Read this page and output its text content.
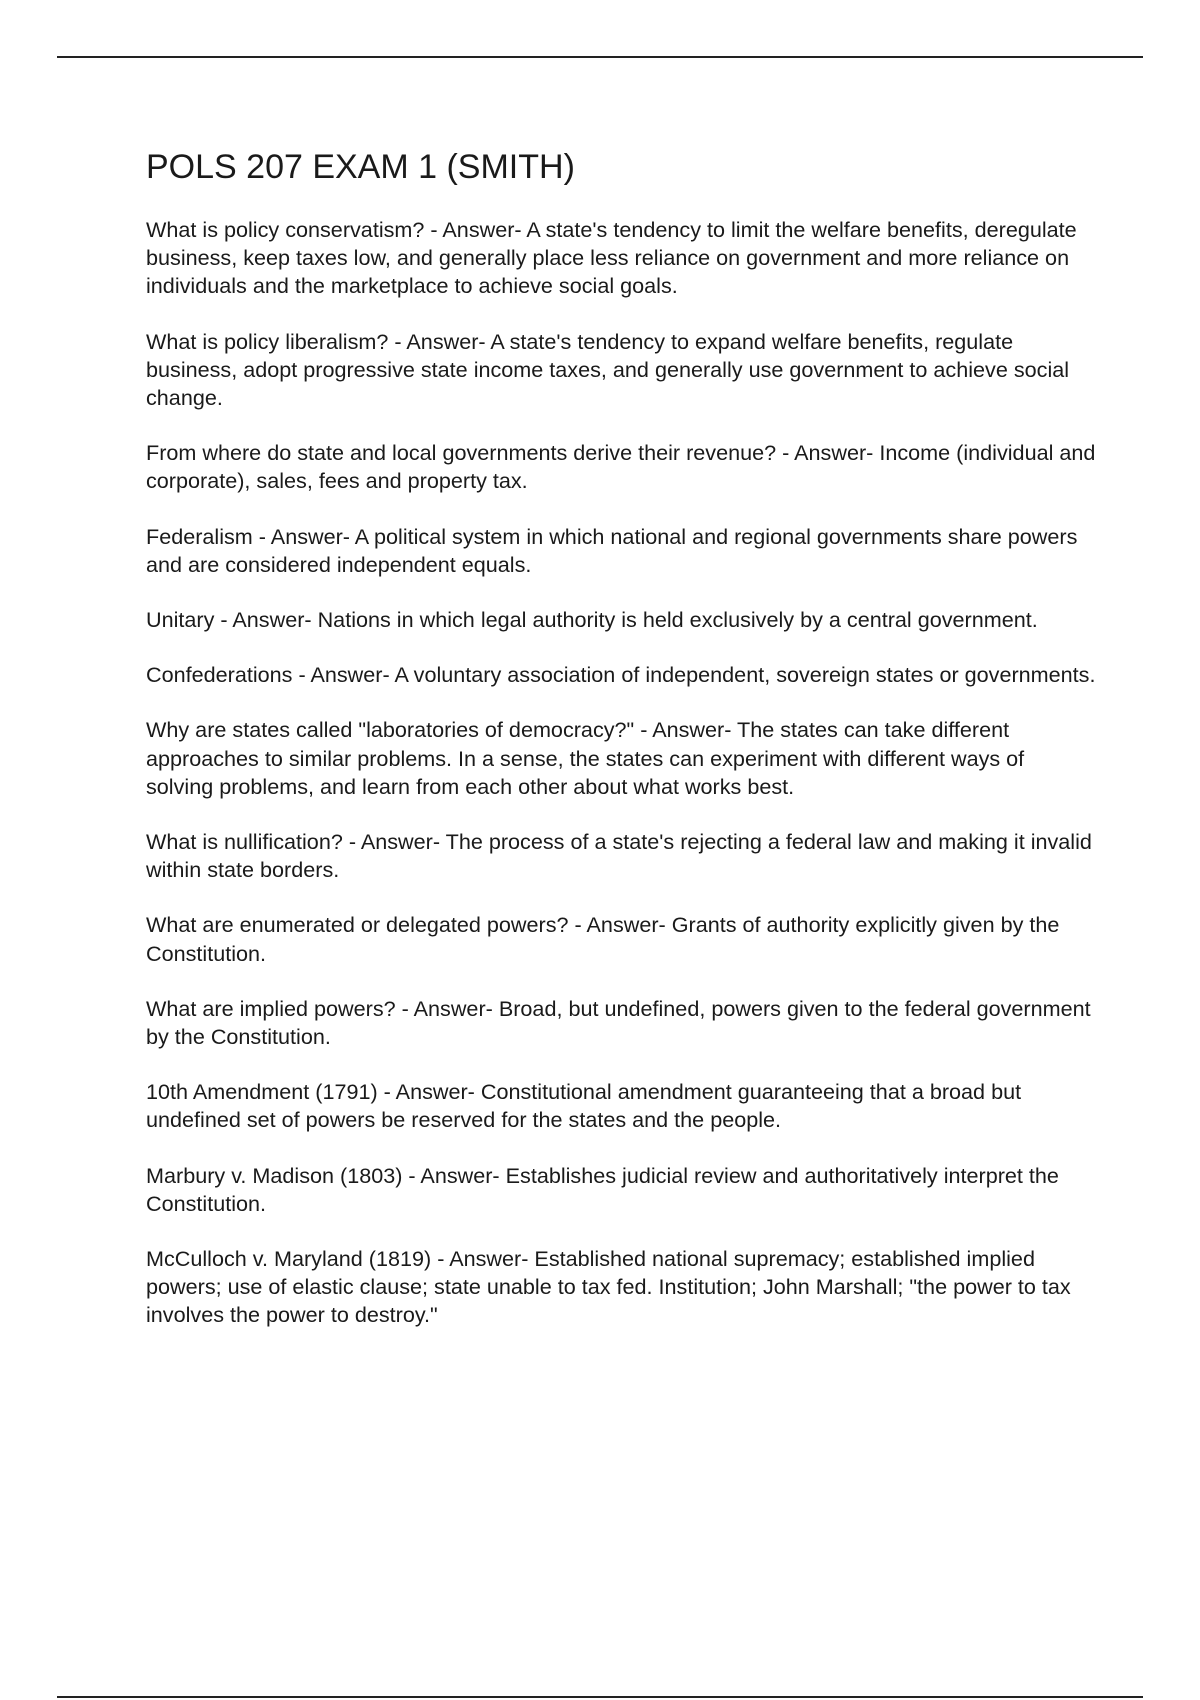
POLS 207 EXAM 1 (SMITH)

What is policy conservatism? - Answer- A state's tendency to limit the welfare benefits, deregulate business, keep taxes low, and generally place less reliance on government and more reliance on individuals and the marketplace to achieve social goals.

What is policy liberalism? - Answer- A state's tendency to expand welfare benefits, regulate business, adopt progressive state income taxes, and generally use government to achieve social change.

From where do state and local governments derive their revenue? - Answer- Income (individual and corporate), sales, fees and property tax.

Federalism - Answer- A political system in which national and regional governments share powers and are considered independent equals.

Unitary - Answer- Nations in which legal authority is held exclusively by a central government.

Confederations - Answer- A voluntary association of independent, sovereign states or governments.

Why are states called "laboratories of democracy?" - Answer- The states can take different approaches to similar problems. In a sense, the states can experiment with different ways of solving problems, and learn from each other about what works best.

What is nullification? - Answer- The process of a state's rejecting a federal law and making it invalid within state borders.

What are enumerated or delegated powers? - Answer- Grants of authority explicitly given by the Constitution.

What are implied powers? - Answer- Broad, but undefined, powers given to the federal government by the Constitution.

10th Amendment (1791) - Answer- Constitutional amendment guaranteeing that a broad but undefined set of powers be reserved for the states and the people.

Marbury v. Madison (1803) - Answer- Establishes judicial review and authoritatively interpret the Constitution.

McCulloch v. Maryland (1819) - Answer- Established national supremacy; established implied powers; use of elastic clause; state unable to tax fed. Institution; John Marshall; "the power to tax involves the power to destroy."
